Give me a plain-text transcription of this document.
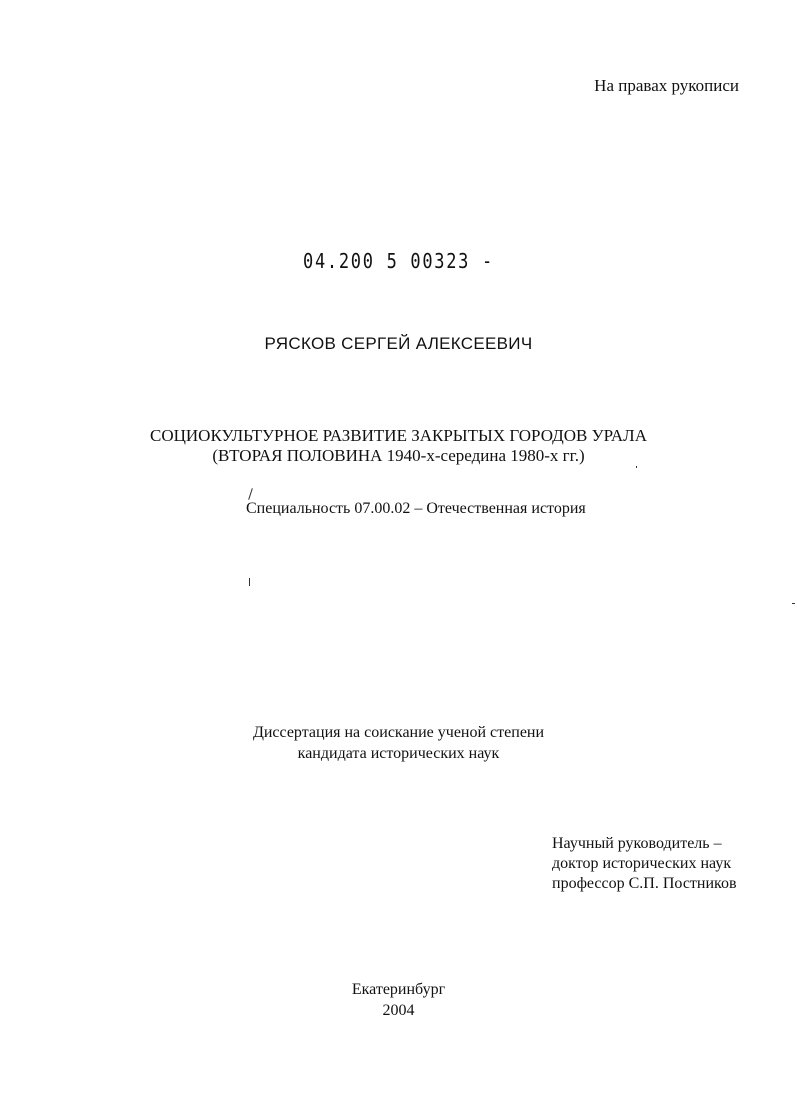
На правах рукописи
04.200 5 00323 -
РЯСКОВ СЕРГЕЙ АЛЕКСЕЕВИЧ
СОЦИОКУЛЬТУРНОЕ РАЗВИТИЕ ЗАКРЫТЫХ ГОРОДОВ УРАЛА
(ВТОРАЯ ПОЛОВИНА 1940-х-середина 1980-х гг.)
Специальность 07.00.02 – Отечественная история
Диссертация на соискание ученой степени
кандидата исторических наук
Научный руководитель –
доктор исторических наук
профессор С.П. Постников
Екатеринбург
2004
